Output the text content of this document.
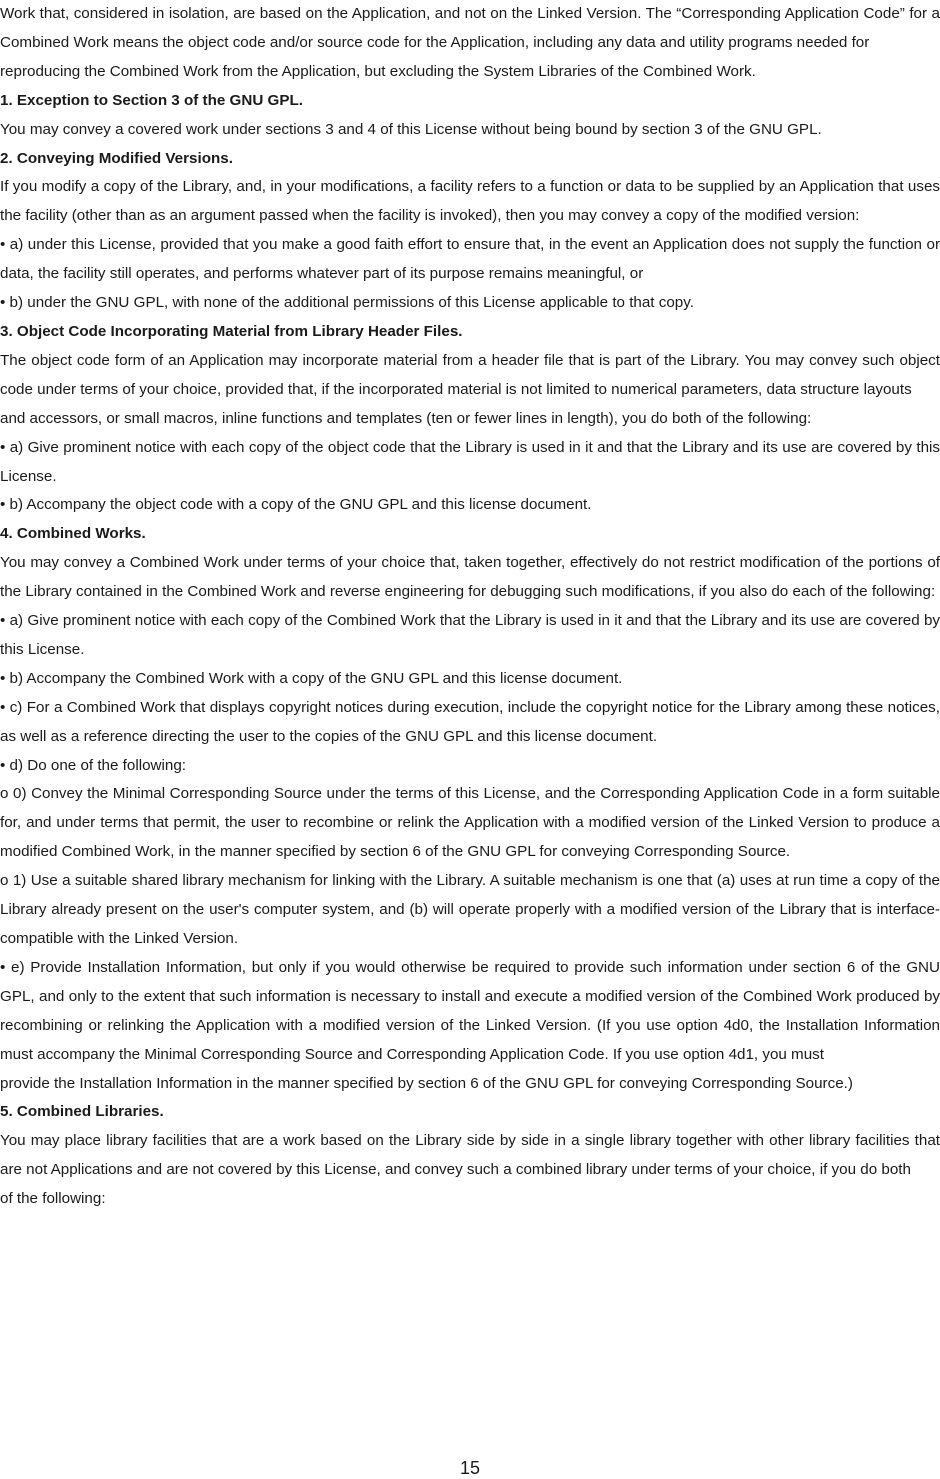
Work that, considered in isolation, are based on the Application, and not on the Linked Version. The “Corresponding Application Code” for a Combined Work means the object code and/or source code for the Application, including any data and utility programs needed for

reproducing the Combined Work from the Application, but excluding the System Libraries of the Combined Work.

1. Exception to Section 3 of the GNU GPL.

You may convey a covered work under sections 3 and 4 of this License without being bound by section 3 of the GNU GPL.

2. Conveying Modified Versions.

If you modify a copy of the Library, and, in your modifications, a facility refers to a function or data to be supplied by an Application that uses the facility (other than as an argument passed when the facility is invoked), then you may convey a copy of the modified version:

• a) under this License, provided that you make a good faith effort to ensure that, in the event an Application does not supply the function or data, the facility still operates, and performs whatever part of its purpose remains meaningful, or

• b) under the GNU GPL, with none of the additional permissions of this License applicable to that copy.

3. Object Code Incorporating Material from Library Header Files.

The object code form of an Application may incorporate material from a header file that is part of the Library. You may convey such object code under terms of your choice, provided that, if the incorporated material is not limited to numerical parameters, data structure layouts

and accessors, or small macros, inline functions and templates (ten or fewer lines in length), you do both of the following:

• a) Give prominent notice with each copy of the object code that the Library is used in it and that the Library and its use are covered by this License.

• b) Accompany the object code with a copy of the GNU GPL and this license document.

4. Combined Works.

You may convey a Combined Work under terms of your choice that, taken together, effectively do not restrict modification of the portions of the Library contained in the Combined Work and reverse engineering for debugging such modifications, if you also do each of the following:

• a) Give prominent notice with each copy of the Combined Work that the Library is used in it and that the Library and its use are covered by this License.

• b) Accompany the Combined Work with a copy of the GNU GPL and this license document.

• c) For a Combined Work that displays copyright notices during execution, include the copyright notice for the Library among these notices, as well as a reference directing the user to the copies of the GNU GPL and this license document.

• d) Do one of the following:

o 0) Convey the Minimal Corresponding Source under the terms of this License, and the Corresponding Application Code in a form suitable for, and under terms that permit, the user to recombine or relink the Application with a modified version of the Linked Version to produce a modified Combined Work, in the manner specified by section 6 of the GNU GPL for conveying Corresponding Source.

o 1) Use a suitable shared library mechanism for linking with the Library. A suitable mechanism is one that (a) uses at run time a copy of the Library already present on the user's computer system, and (b) will operate properly with a modified version of the Library that is interface-compatible with the Linked Version.

• e) Provide Installation Information, but only if you would otherwise be required to provide such information under section 6 of the GNU GPL, and only to the extent that such information is necessary to install and execute a modified version of the Combined Work produced by recombining or relinking the Application with a modified version of the Linked Version. (If you use option 4d0, the Installation Information must accompany the Minimal Corresponding Source and Corresponding Application Code. If you use option 4d1, you must

provide the Installation Information in the manner specified by section 6 of the GNU GPL for conveying Corresponding Source.)

5. Combined Libraries.

You may place library facilities that are a work based on the Library side by side in a single library together with other library facilities that are not Applications and are not covered by this License, and convey such a combined library under terms of your choice, if you do both

of the following:

15
